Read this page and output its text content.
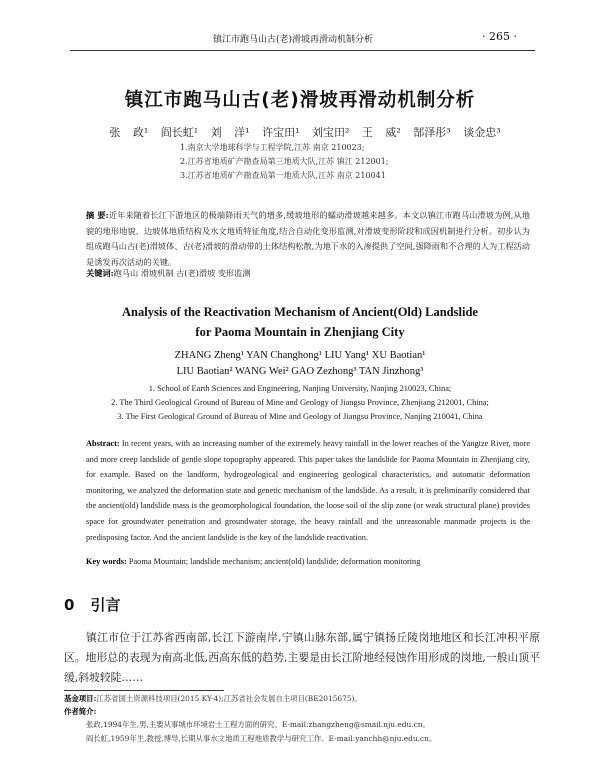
镇江市跑马山古(老)滑坡再滑动机制分析	· 265 ·
镇江市跑马山古(老)滑坡再滑动机制分析
张 政¹ 阎长虹¹ 刘 洋¹ 许宝田¹ 刘宝田² 王 威² 郜泽彤³ 谈金忠³
1.南京大学地球科学与工程学院,江苏 南京 210023;
2.江苏省地质矿产勘查局第三地质大队,江苏 镇江 212001;
3.江苏省地质矿产勘查局第一地质大队,江苏 南京 210041
摘 要:近年来随着长江下游地区的极端降雨天气的增多,缓坡地形的蠕动滑坡越来越多。本文以镇江市跑马山滑坡为例,从地貌的地形地貌、边坡体地质结构及水文地质特征角度,结合自动化变形监测,对滑坡变形阶段和成因机制进行分析。初步认为组成跑马山古(老)滑坡体、古(老)滑坡的滑动带的土体结构松散,为地下水的入渗提供了空间,强降雨和不合理的人为工程活动是诱发再次活动的关键。
关键词:跑马山 滑坡机制 古(老)滑坡 变形监测
Analysis of the Reactivation Mechanism of Ancient(Old) Landslide
for Paoma Mountain in Zhenjiang City
ZHANG Zheng¹ YAN Changhong¹ LIU Yang¹ XU Baotian¹
LIU Baotian² WANG Wei² GAO Zezhong³ TAN Jinzhong³
1. School of Earth Sciences and Engineering, Nanjing University, Nanjing 210023, China;
2. The Third Geological Ground of Bureau of Mine and Geology of Jiangsu Province, Zhenjiang 212001, China;
3. The First Geological Ground of Bureau of Mine and Geology of Jiangsu Province, Nanjing 210041, China
Abstract: In recent years, with an increasing number of the extremely heavy rainfall in the lower reaches of the Yangtze River, more and more creep landslide of gentle slope topography appeared. This paper takes the landslide for Paoma Mountain in Zhenjiang city, for example. Based on the landform, hydrogeological and engineering geological characteristics, and automatic deformation monitoring, we analyzed the deformation state and genetic mechanism of the landslide. As a result, it is preliminarily considered that the ancient(old) landslide mass is the geomorphological foundation, the loose soil of the slip zone (or weak structural plane) provides space for groundwater penetration and groundwater storage, the heavy rainfall and the unreasonable manmade projects is the predisposing factor. And the ancient landslide is the key of the landslide reactivation.
Key words: Paoma Mountain; landslide mechanism; ancient(old) landslide; deformation monitoring
0 引言
镇江市位于江苏省西南部,长江下游南岸,宁镇山脉东部,属宁镇扬丘陵岗地地区和长江冲积平原区。地形总的表现为南高北低,西高东低的趋势,主要是由长江阶地经侵蚀作用形成的岗地,一般山顶平缓,斜坡较陡……
基金项目:江苏省国土资源科技项目(2015 KY-4);江苏省社会发展自主项目(BE2015675)。
作者简介:
张政,1994年生,男,主要从事城市环境岩土工程方面的研究。E-mail:zhangzheng@smail.nju.edu.cn。
阎长虹,1959年生,教授,博导,长期从事水文地质工程地质教学与研究工作。E-mail:yanchh@nju.edu.cn。
